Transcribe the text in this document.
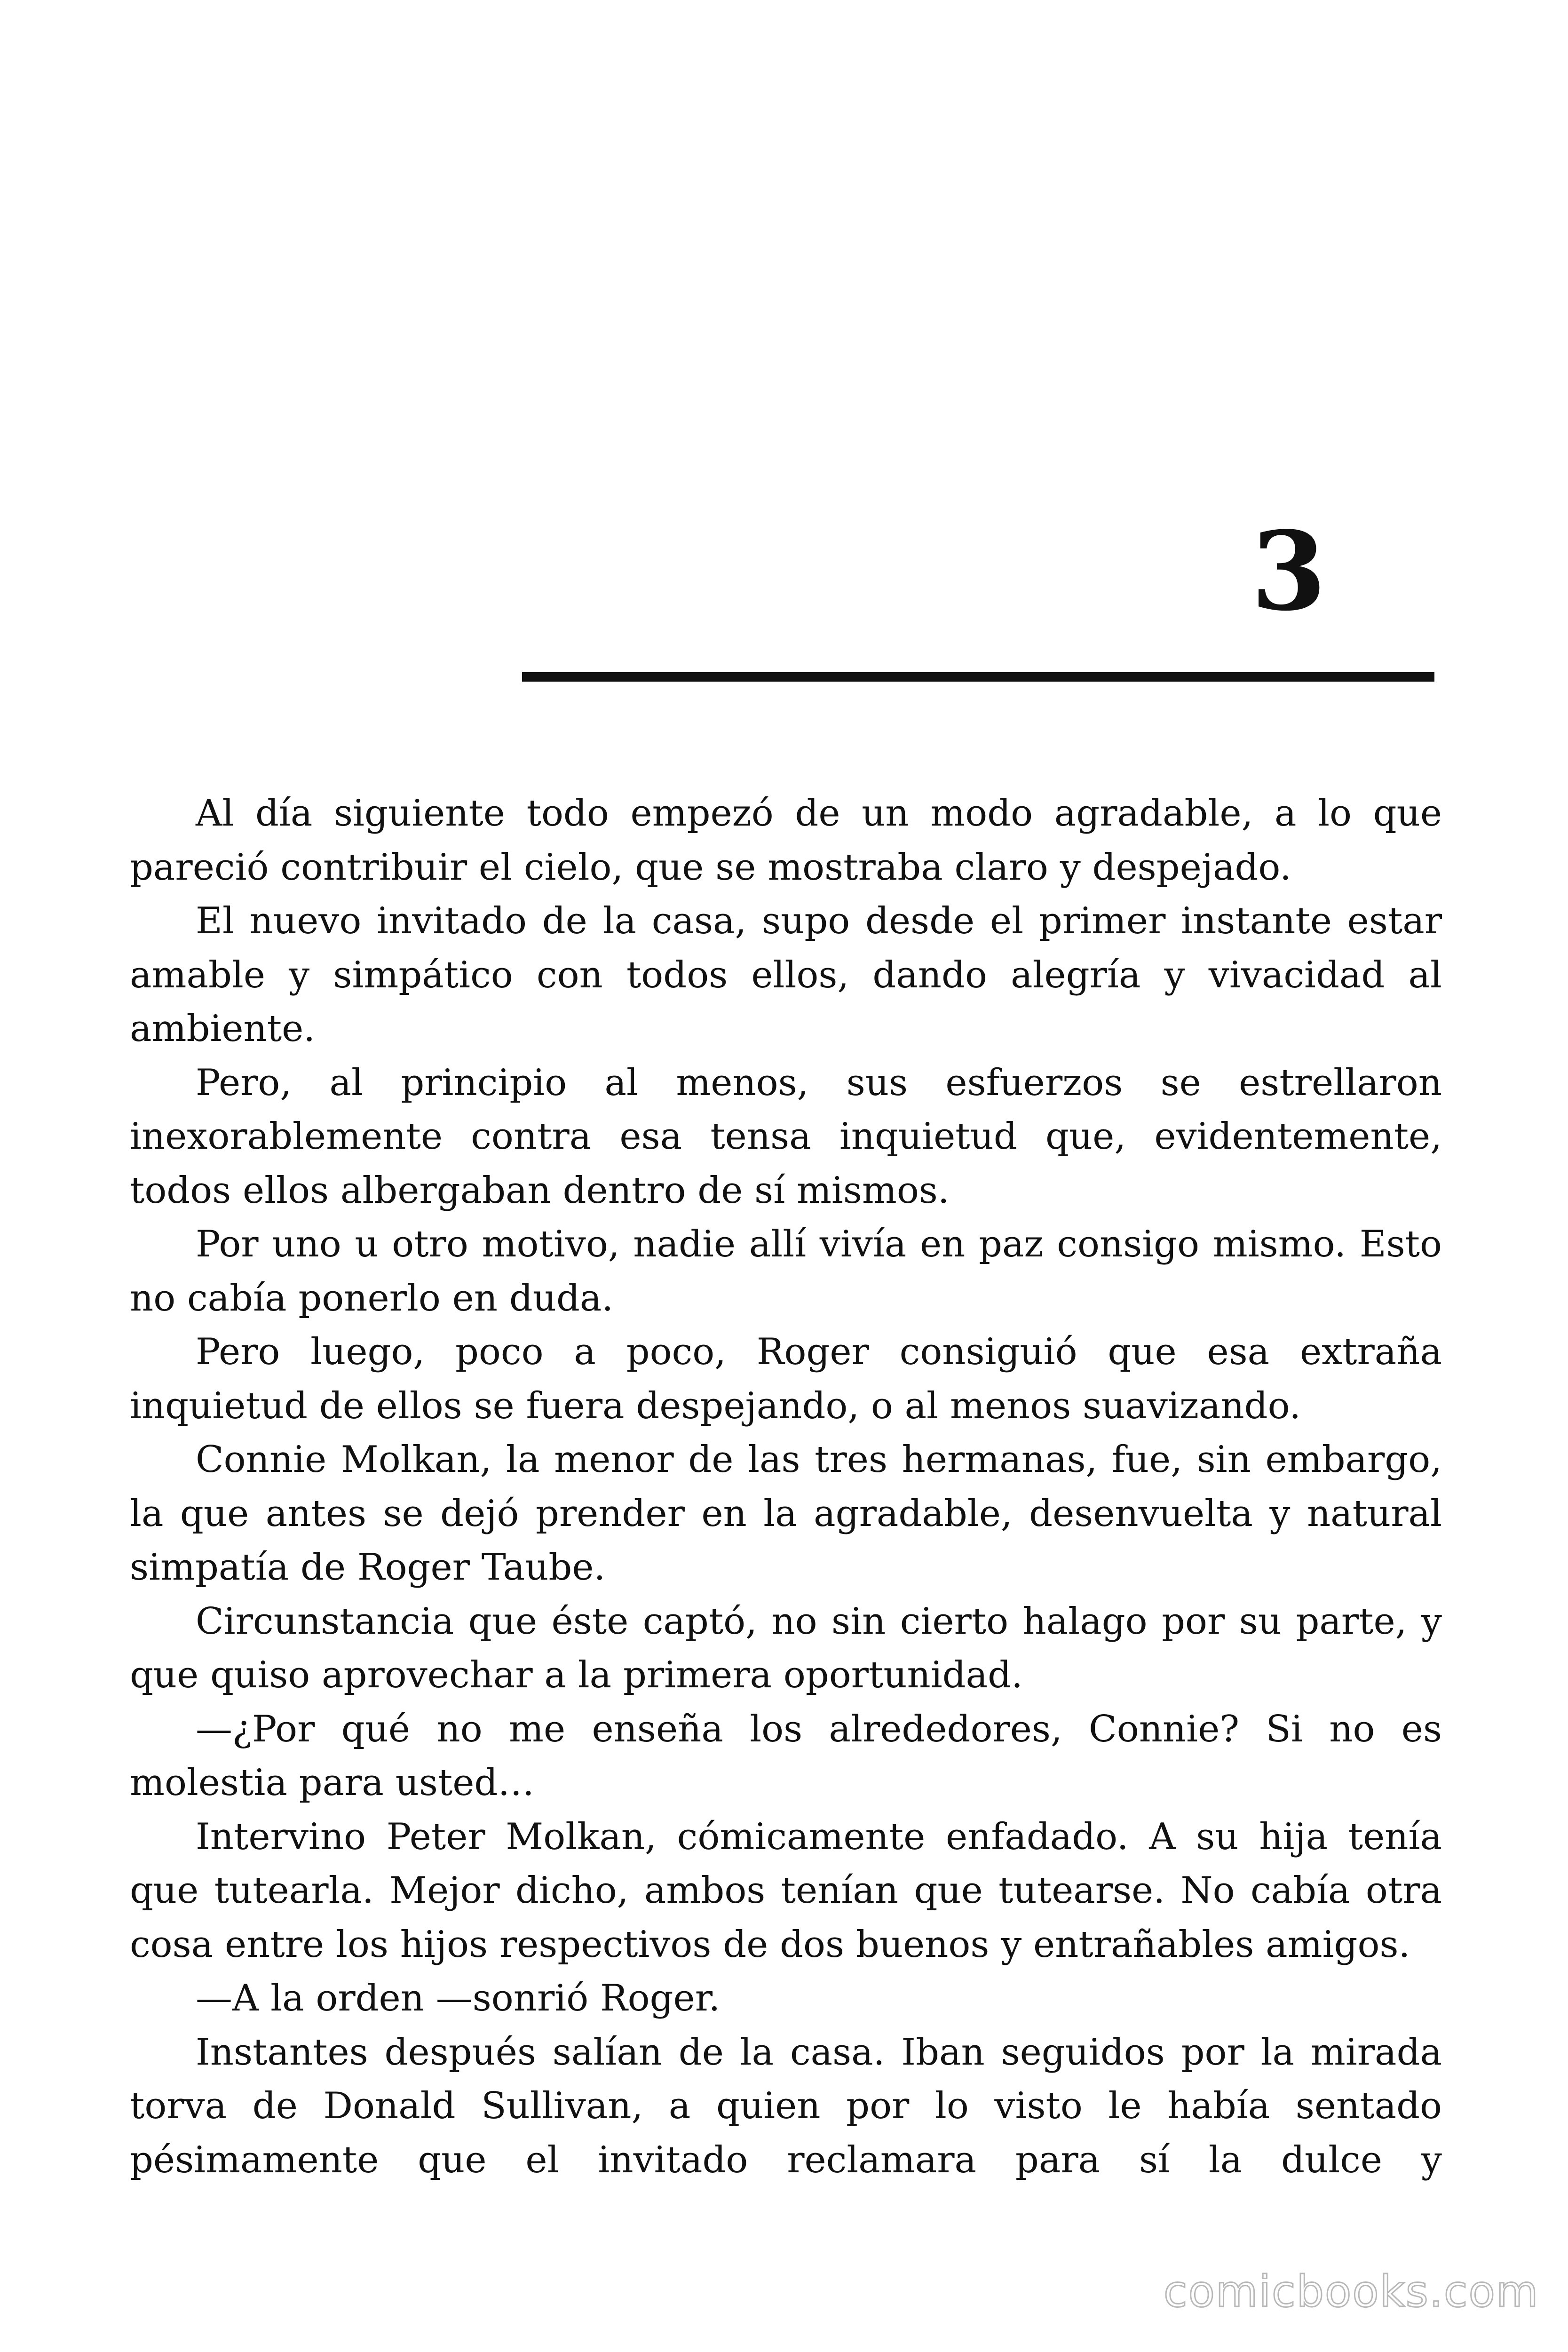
3

Al día siguiente todo empezó de un modo agradable, a lo que pareció contribuir el cielo, que se mostraba claro y despejado.

El nuevo invitado de la casa, supo desde el primer instante estar amable y simpático con todos ellos, dando alegría y vivacidad al ambiente.

Pero, al principio al menos, sus esfuerzos se estrellaron inexorablemente contra esa tensa inquietud que, evidentemente, todos ellos albergaban dentro de sí mismos.

Por uno u otro motivo, nadie allí vivía en paz consigo mismo. Esto no cabía ponerlo en duda.

Pero luego, poco a poco, Roger consiguió que esa extraña inquietud de ellos se fuera despejando, o al menos suavizando.

Connie Molkan, la menor de las tres hermanas, fue, sin embargo, la que antes se dejó prender en la agradable, desenvuelta y natural simpatía de Roger Taube.

Circunstancia que éste captó, no sin cierto halago por su parte, y que quiso aprovechar a la primera oportunidad.

—¿Por qué no me enseña los alrededores, Connie? Si no es molestia para usted…

Intervino Peter Molkan, cómicamente enfadado. A su hija tenía que tutearla. Mejor dicho, ambos tenían que tutearse. No cabía otra cosa entre los hijos respectivos de dos buenos y entrañables amigos.

—A la orden —sonrió Roger.

Instantes después salían de la casa. Iban seguidos por la mirada torva de Donald Sullivan, a quien por lo visto le había sentado pésimamente que el invitado reclamara para sí la dulce y

comicbooks.com
